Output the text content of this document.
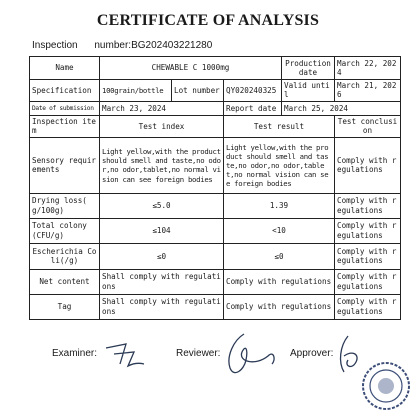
CERTIFICATE OF ANALYSIS
Inspection number:BG202403221280
Name	CHEWABLE C 1000mg			Production date	March 22, 2024
Specification	100grain/bottle	Lot number	QY020240325	Valid until	March 21, 2026
Date of submission	March 23, 2024		Report date	March 25, 2024	
Inspection item	Test index		Test result		Test conclusion
Sensory requirements	Light yellow,with the product should smell and taste,no odor,no odor,tablet,no normal vision can see foreign bodies		Light yellow,with the product should smell and taste,no odor,no odor,tablet,no normal vision can see foreign bodies		Comply with regulations
Drying loss( g/100g)	≤5.0		1.39		Comply with regulations
Total colony (CFU/g)	≤104		<10		Comply with regulations
Escherichia Coli(/g)	≤0		≤0		Comply with regulations
Net content	Shall comply with regulations		Comply with regulations		Comply with regulations
Tag	Shall comply with regulations		Comply with regulations		Comply with regulations
Examiner:	Reviewer:	Approver:
